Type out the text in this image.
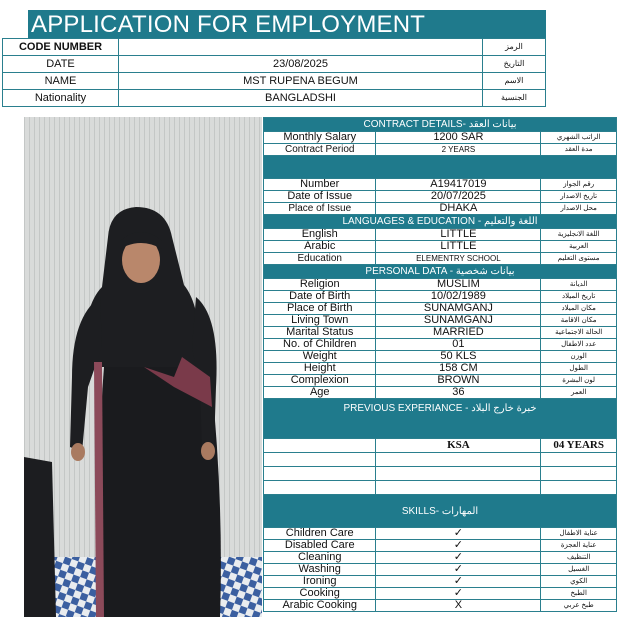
APPLICATION FOR EMPLOYMENT
CODE NUMBER		الرمز
DATE	23/08/2025	التاريخ
NAME	MST RUPENA BEGUM	الاسم
Nationality	BANGLADSHI	الجنسية
CONTRACT DETAILS- بيانات العقد		
Monthly Salary	1200 SAR	الراتب الشهري
Contract Period	2 YEARS	مدة العقد

Number	A19417019	رقم الجواز
Date of Issue	20/07/2025	تاريخ الاصدار
Place of Issue	DHAKA	محل الاصدار
LANGUAGES & EDUCATION - اللغة والتعليم		
English	LITTLE	اللغة الانجليزية
Arabic	LITTLE	العربية
Education	ELEMENTRY SCHOOL	مستوى التعليم
PERSONAL DATA - بيانات شخصية		
Religion	MUSLIM	الديانة
Date of Birth	10/02/1989	تاريخ الميلاد
Place of Birth	SUNAMGANJ	مكان الميلاد
Living Town	SUNAMGANJ	مكان الاقامة
Marital Status	MARRIED	الحالة الاجتماعية
No. of Children	01	عدد الاطفال
Weight	50 KLS	الوزن
Height	158 CM	الطول
Complexion	BROWN	لون البشرة
Age	36	العمر
PREVIOUS EXPERIANCE - خبرة خارج البلاد		
	KSA	04 YEARS

SKILLS- المهارات		
Children Care	✓	عناية الاطفال
Disabled Care	✓	عناية العجزة
Cleaning	✓	التنظيف
Washing	✓	الغسيل
Ironing	✓	الكوي
Cooking	✓	الطبخ
Arabic Cooking	X	طبخ عربي
